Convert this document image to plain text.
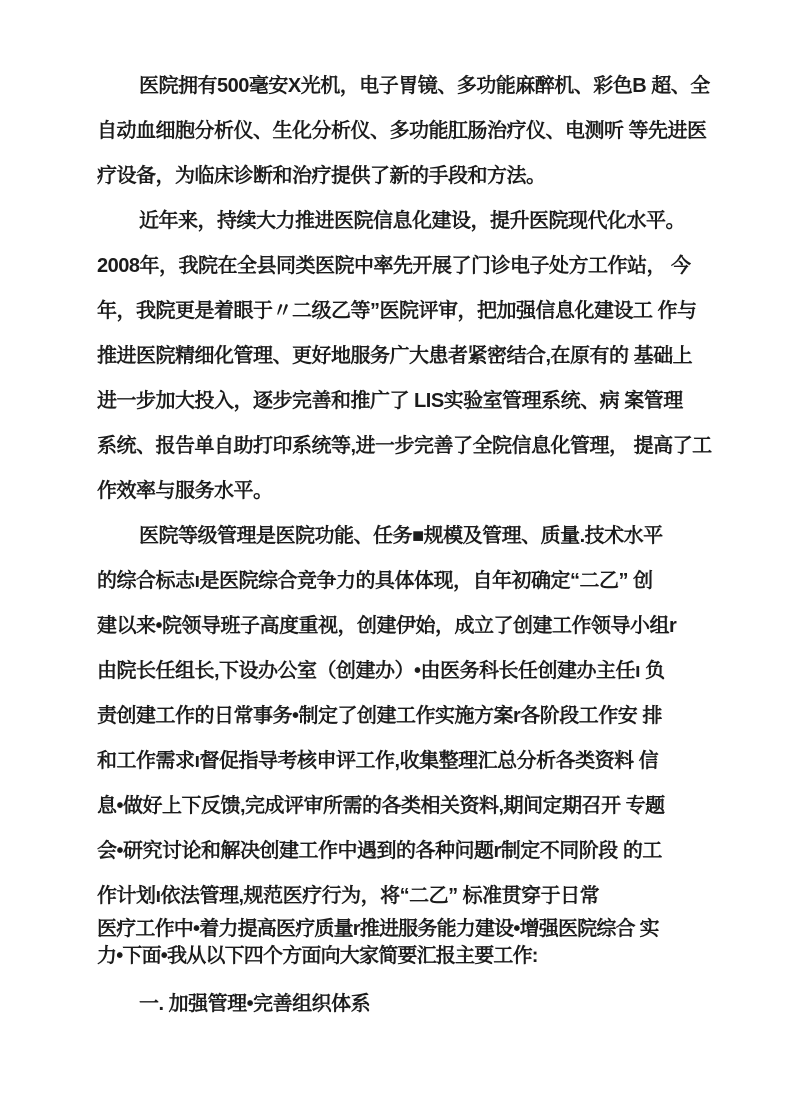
医院拥有500毫安X光机，电子胃镜、多功能麻醉机、彩色B 超、全
自动血细胞分析仪、生化分析仪、多功能肛肠治疗仪、电测听 等先进医
疗设备，为临床诊断和治疗提供了新的手段和方法。
近年来，持续大力推进医院信息化建设，提升医院现代化水平。
2008年，我院在全县同类医院中率先开展了门诊电子处方工作站， 今
年，我院更是着眼于〃二级乙等”医院评审，把加强信息化建设工 作与
推进医院精细化管理、更好地服务广大患者紧密结合,在原有的 基础上
进一步加大投入，逐步完善和推广了 LIS实验室管理系统、病 案管理
系统、报告单自助打印系统等,进一步完善了全院信息化管理， 提高了工
作效率与服务水平。
医院等级管理是医院功能、任务■规模及管理、质量.技术水平
的综合标志ı是医院综合竞争力的具体体现，自年初确定“二乙” 创
建以来•院领导班子高度重视，创建伊始，成立了创建工作领导小组r
由院长任组长,下设办公室（创建办）•由医务科长任创建办主任ı 负
责创建工作的日常事务•制定了创建工作实施方案r各阶段工作安 排
和工作需求ı督促指导考核申评工作,收集整理汇总分析各类资料 信
息•做好上下反馈,完成评审所需的各类相关资料,期间定期召开 专题
会•研究讨论和解决创建工作中遇到的各种问题r制定不同阶段 的工
作计划ı依法管理,规范医疗行为，将“二乙” 标准贯穿于日常
医疗工作中•着力提高医疗质量r推进服务能力建设•增强医院综合 实
力•下面•我从以下四个方面向大家简要汇报主要工作:
一. 加强管理•完善组织体系
